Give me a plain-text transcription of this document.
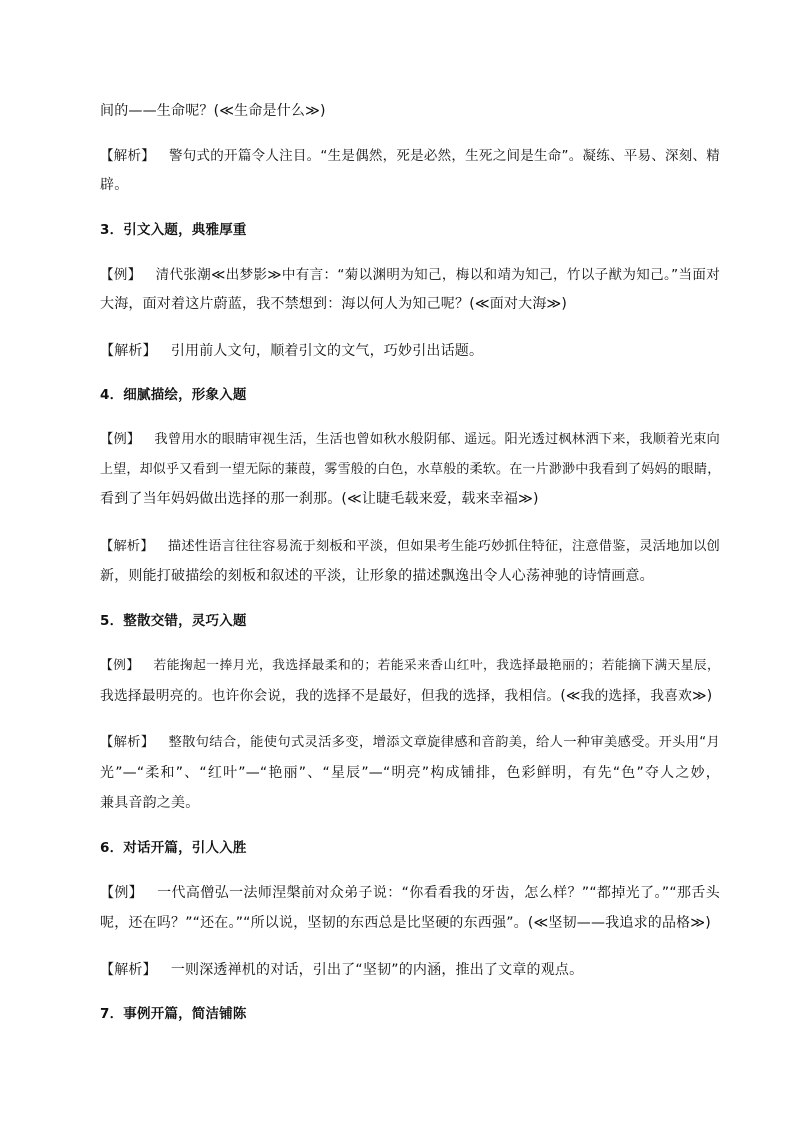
间的——生命呢？(≪生命是什么≫)
【解析】 警句式的开篇令人注目。“生是偶然，死是必然，生死之间是生命”。凝练、平易、深刻、精
辟。
3．引文入题，典雅厚重
【例】 清代张潮≪出梦影≫中有言：“菊以渊明为知己，梅以和靖为知己，竹以子猷为知己。”当面对
大海，面对着这片蔚蓝，我不禁想到：海以何人为知己呢？(≪面对大海≫)
【解析】 引用前人文句，顺着引文的文气，巧妙引出话题。
4．细腻描绘，形象入题
【例】 我曾用水的眼睛审视生活，生活也曾如秋水般阴郁、遥远。阳光透过枫林洒下来，我顺着光束向
上望，却似乎又看到一望无际的蒹葭，雾雪般的白色，水草般的柔软。在一片渺渺中我看到了妈妈的眼睛，
看到了当年妈妈做出选择的那一刹那。(≪让睫毛载来爱，载来幸福≫)
【解析】 描述性语言往往容易流于刻板和平淡，但如果考生能巧妙抓住特征，注意借鉴，灵活地加以创
新，则能打破描绘的刻板和叙述的平淡，让形象的描述飘逸出令人心荡神驰的诗情画意。
5．整散交错，灵巧入题
【例】 若能掬起一捧月光，我选择最柔和的；若能采来香山红叶，我选择最艳丽的；若能摘下满天星辰，
我选择最明亮的。也许你会说，我的选择不是最好，但我的选择，我相信。(≪我的选择，我喜欢≫)
【解析】 整散句结合，能使句式灵活多变，增添文章旋律感和音韵美，给人一种审美感受。开头用“月
光”—“柔和”、“红叶”—“艳丽”、“星辰”—“明亮”构成铺排，色彩鲜明，有先“色”夺人之妙，
兼具音韵之美。
6．对话开篇，引人入胜
【例】 一代高僧弘一法师涅槃前对众弟子说：“你看看我的牙齿，怎么样？”“都掉光了。”“那舌头
呢，还在吗？”“还在。”“所以说，坚韧的东西总是比坚硬的东西强”。(≪坚韧——我追求的品格≫)
【解析】 一则深透禅机的对话，引出了“坚韧”的内涵，推出了文章的观点。
7．事例开篇，简洁铺陈
